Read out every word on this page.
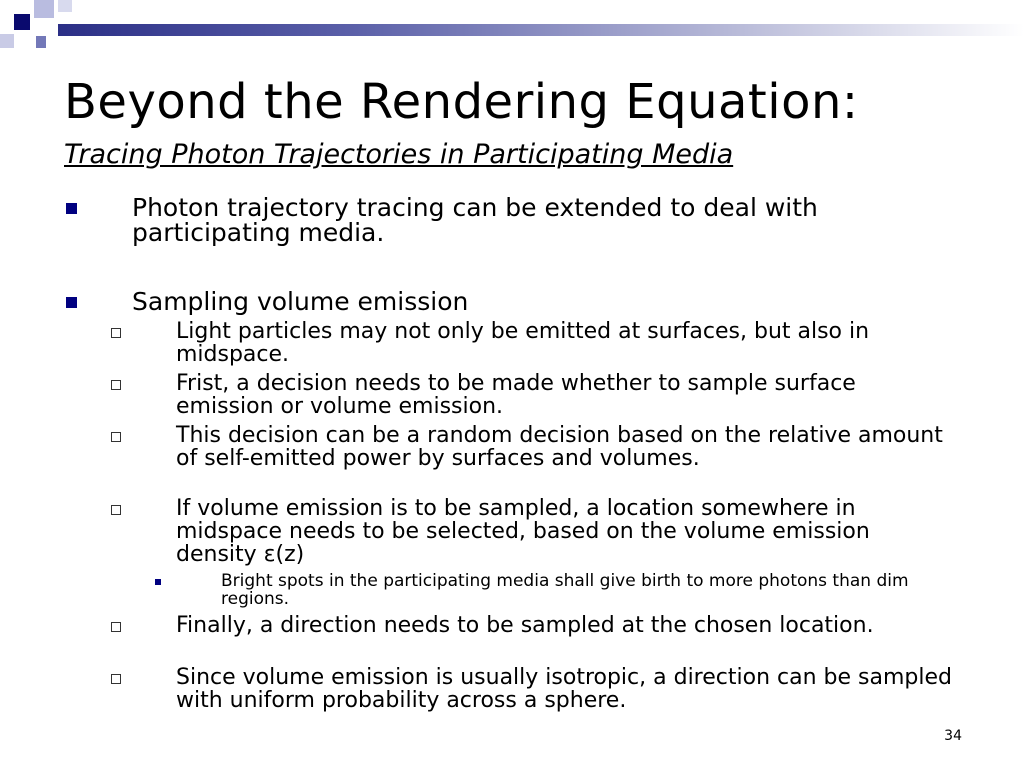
Beyond the Rendering Equation:

Tracing Photon Trajectories in Participating Media

Photon trajectory tracing can be extended to deal with participating media.
Sampling volume emission
Light particles may not only be emitted at surfaces, but also in midspace.
Frist, a decision needs to be made whether to sample surface emission or volume emission.
This decision can be a random decision based on the relative amount of self-emitted power by surfaces and volumes.
If volume emission is to be sampled, a location somewhere in midspace needs to be selected, based on the volume emission density ε(z)
Bright spots in the participating media shall give birth to more photons than dim regions.
Finally, a direction needs to be sampled at the chosen location.
Since volume emission is usually isotropic, a direction can be sampled with uniform probability across a sphere.
34
